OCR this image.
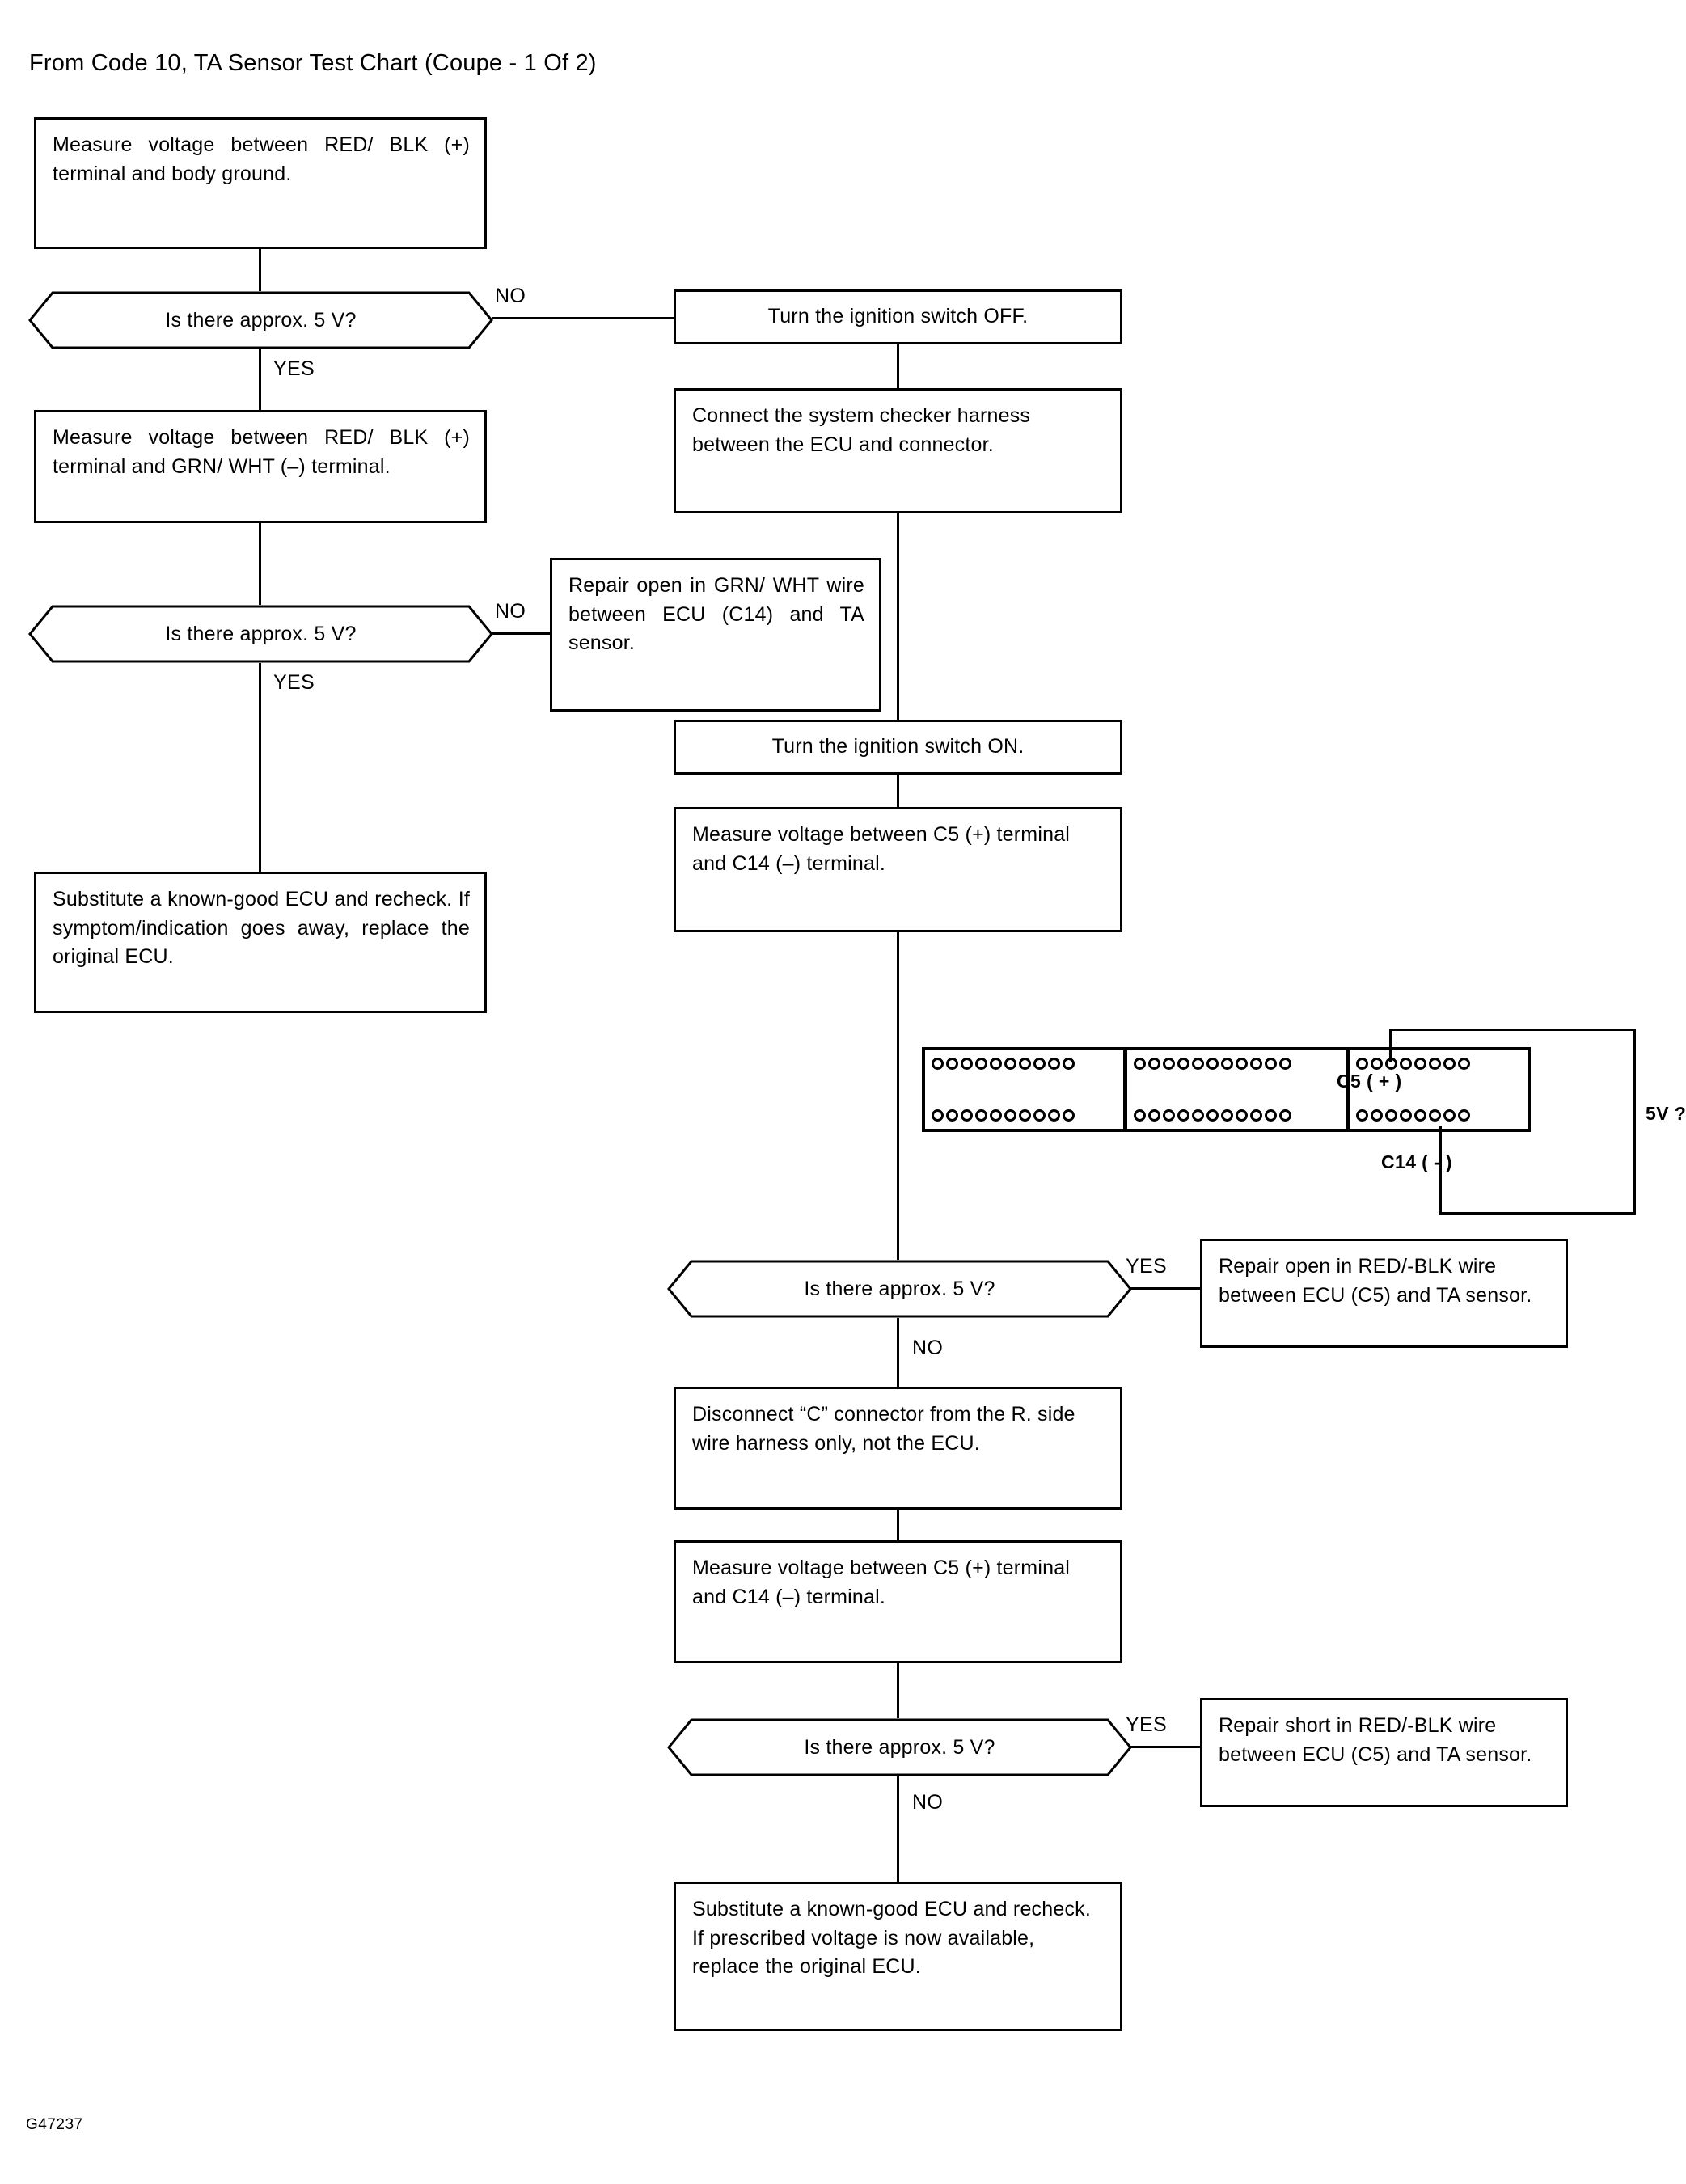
From Code 10, TA Sensor Test Chart (Coupe - 1 Of 2)
Measure voltage between RED/ BLK (+) terminal and body ground.
Is there approx. 5 V?
NO
YES
Measure voltage between RED/ BLK (+) terminal and GRN/ WHT (–) terminal.
Is there approx. 5 V?
NO
YES
Substitute a known-good ECU and recheck. If symptom/indication goes away, replace the original ECU.
Turn the ignition switch OFF.
Connect the system checker harness between the ECU and connector.
Repair open in GRN/ WHT wire between ECU (C14) and TA sensor.
Turn the ignition switch ON.
Measure voltage between C5 (+) terminal and C14 (–) terminal.
C5 ( + )
C14 ( - )
5V ?
Is there approx. 5 V?
YES	Repair open in RED/-BLK wire between ECU (C5) and TA sensor.
NO
Disconnect “C” connector from the R. side wire harness only, not the ECU.
Measure voltage between C5 (+) terminal and C14 (–) terminal.
Is there approx. 5 V?
YES	Repair short in RED/-BLK wire between ECU (C5) and TA sensor.
NO
Substitute a known-good ECU and recheck. If prescribed voltage is now available, replace the original ECU.
G47237
